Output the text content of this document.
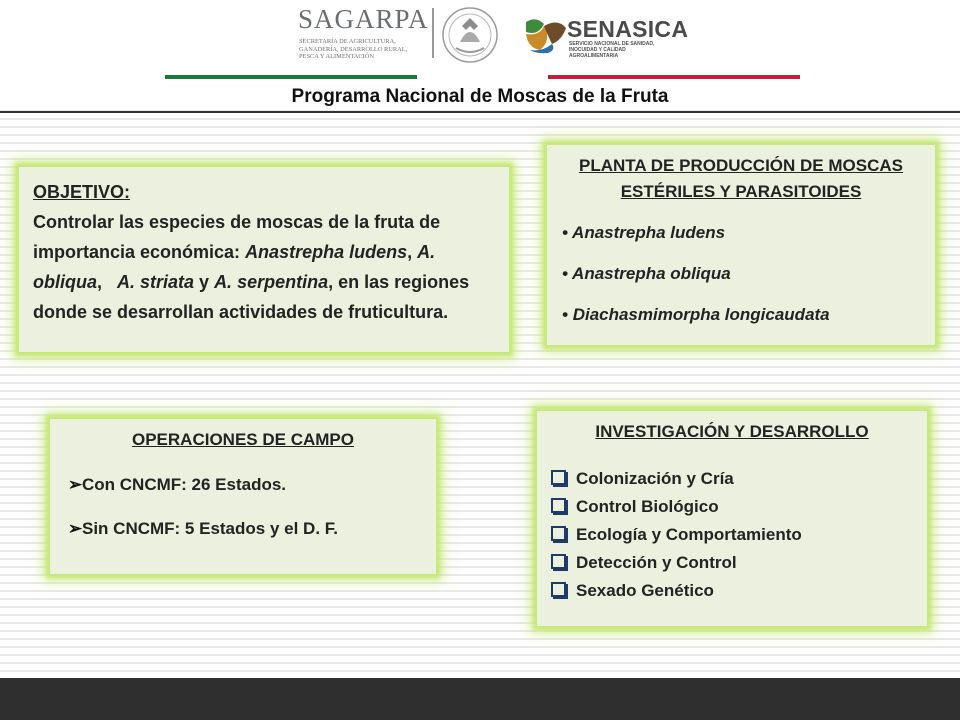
SAGARPA
SECRETARÍA DE AGRICULTURA,
GANADERÍA, DESARROLLO RURAL,
PESCA Y ALIMENTACIÓN
SENASICA
SERVICIO NACIONAL DE SANIDAD,
INOCUIDAD Y CALIDAD
AGROALIMENTARIA
Programa Nacional de Moscas de la Fruta
OBJETIVO:
Controlar las especies de moscas de la fruta de importancia económica: Anastrepha ludens, A. obliqua,   A. striata y A. serpentina, en las regiones donde se desarrollan actividades de fruticultura.
PLANTA DE PRODUCCIÓN DE MOSCAS ESTÉRILES Y PARASITOIDES
• Anastrepha ludens
• Anastrepha obliqua
• Diachasmimorpha longicaudata
OPERACIONES DE CAMPO
➢Con CNCMF: 26 Estados.
➢Sin CNCMF: 5 Estados y el D. F.
INVESTIGACIÓN Y DESARROLLO
Colonización y Cría
Control Biológico
Ecología y Comportamiento
Detección y Control
Sexado Genético
